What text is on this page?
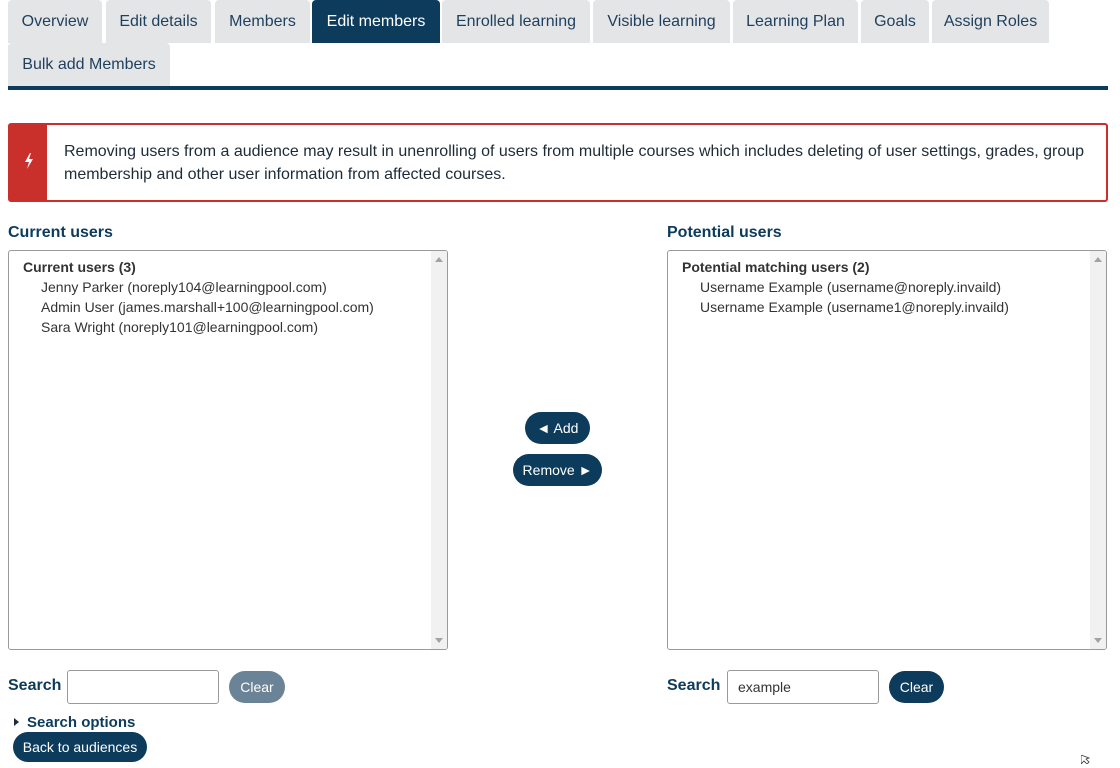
Overview	Edit details	Members	Edit members	Enrolled learning	Visible learning	Learning Plan	Goals	Assign Roles
Bulk add Members
Removing users from a audience may result in unenrolling of users from multiple courses which includes deleting of user settings, grades, group membership and other user information from affected courses.
Current users
Current users (3)
Jenny Parker (noreply104@learningpool.com)
Admin User (james.marshall+100@learningpool.com)
Sara Wright (noreply101@learningpool.com)
◄ Add
Remove ►
Potential users
Potential matching users (2)
Username Example (username@noreply.invaild)
Username Example (username1@noreply.invaild)
Search	Clear	Search
example	Clear
Search options
Back to audiences
